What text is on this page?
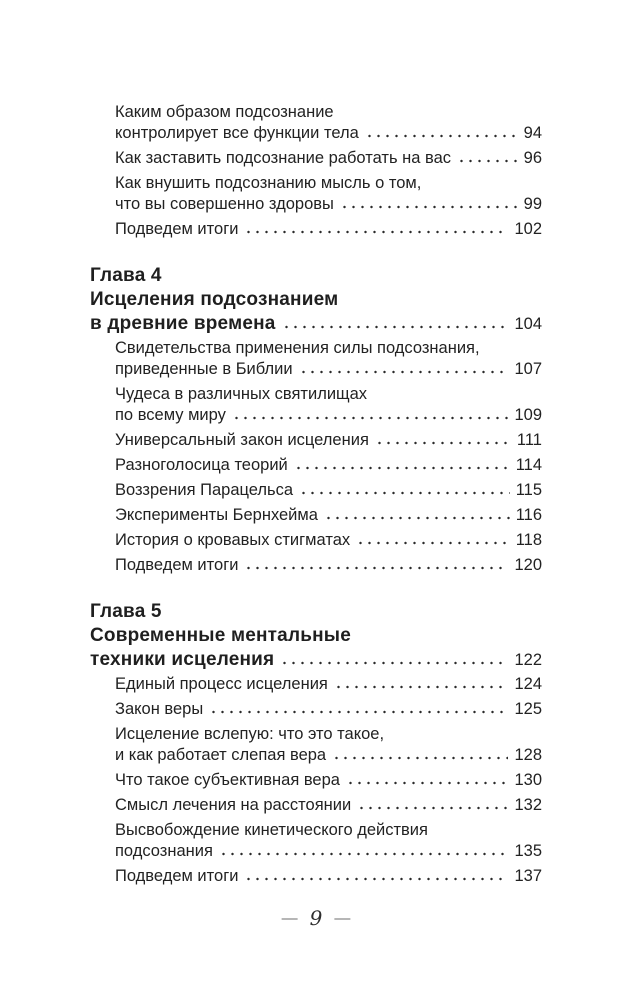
Каким образом подсознание
контролирует все функции тела	94
Как заставить подсознание работать на вас	96
Как внушить подсознанию мысль о том,
что вы совершенно здоровы	99
Подведем итоги	102
Глава 4
Исцеления подсознанием
в древние времена	104
Свидетельства применения силы подсознания,
приведенные в Библии	107
Чудеса в различных святилищах
по всему миру	109
Универсальный закон исцеления	111
Разноголосица теорий	114
Воззрения Парацельса	115
Эксперименты Бернхейма	116
История о кровавых стигматах	118
Подведем итоги	120
Глава 5
Современные ментальные
техники исцеления	122
Единый процесс исцеления	124
Закон веры	125
Исцеление вслепую: что это такое,
и как работает слепая вера	128
Что такое субъективная вера	130
Смысл лечения на расстоянии	132
Высвобождение кинетического действия
подсознания	135
Подведем итоги	137
— 9 —
